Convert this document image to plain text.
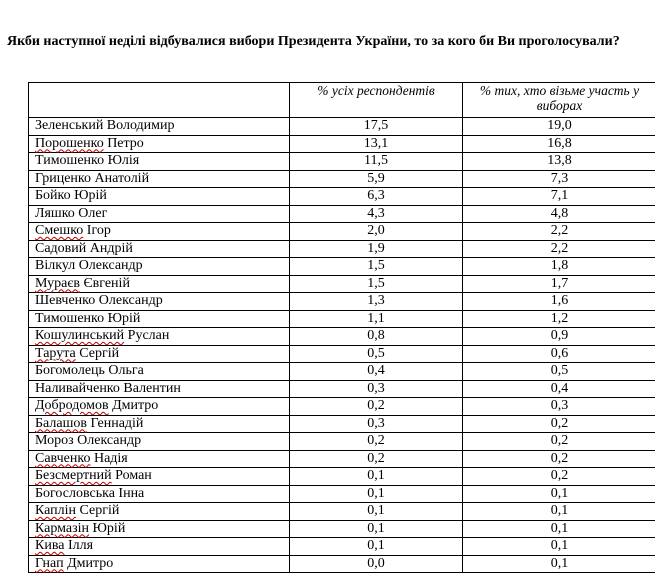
Якби наступної неділі відбувалися вибори Президента України, то за кого би Ви проголосували?
	% усіх респондентів	% тих, хто візьме участь у виборах
Зеленський Володимир	17,5	19,0
Порошенко Петро	13,1	16,8
Тимошенко Юлія	11,5	13,8
Гриценко Анатолій	5,9	7,3
Бойко Юрій	6,3	7,1
Ляшко Олег	4,3	4,8
Смешко Ігор	2,0	2,2
Садовий Андрій	1,9	2,2
Вілкул Олександр	1,5	1,8
Мураєв Євгеній	1,5	1,7
Шевченко Олександр	1,3	1,6
Тимошенко Юрій	1,1	1,2
Кошулинський Руслан	0,8	0,9
Тарута Сергій	0,5	0,6
Богомолець Ольга	0,4	0,5
Наливайченко Валентин	0,3	0,4
Добродомов Дмитро	0,2	0,3
Балашов Геннадій	0,3	0,2
Мороз Олександр	0,2	0,2
Савченко Надія	0,2	0,2
Безсмертний Роман	0,1	0,2
Богословська Інна	0,1	0,1
Каплін Сергій	0,1	0,1
Кармазін Юрій	0,1	0,1
Кива Ілля	0,1	0,1
Гнап Дмитро	0,0	0,1
